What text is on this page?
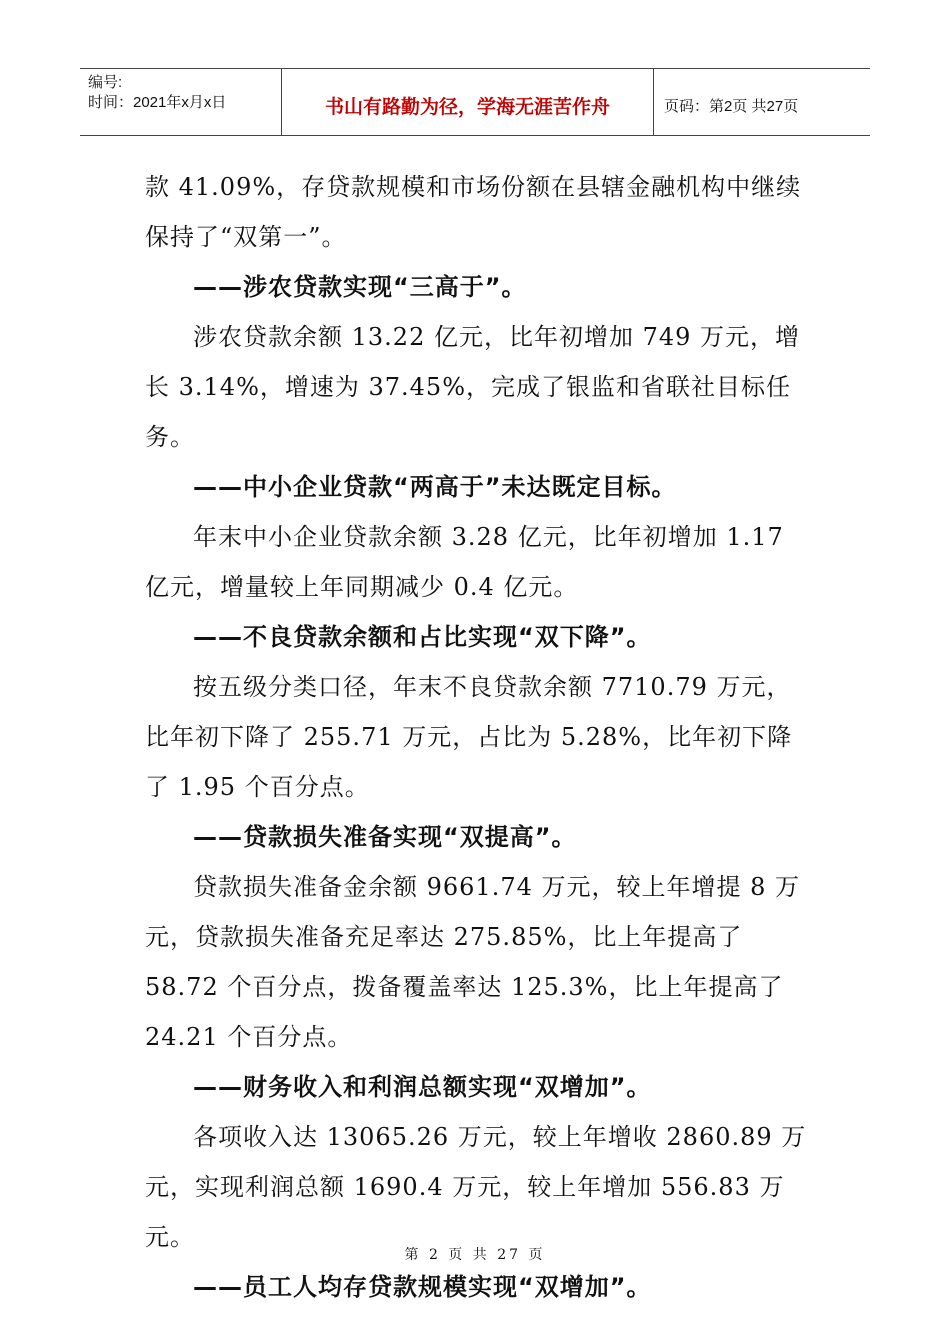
编号:
时间：2021年x月x日	书山有路勤为径，学海无涯苦作舟	页码：第2页 共27页

款 41.09%，存贷款规模和市场份额在县辖金融机构中继续保持了“双第一”。

——涉农贷款实现“三高于”。

涉农贷款余额 13.22 亿元，比年初增加 749 万元，增长 3.14%，增速为 37.45%，完成了银监和省联社目标任务。

——中小企业贷款“两高于”未达既定目标。

年末中小企业贷款余额 3.28 亿元，比年初增加 1.17 亿元，增量较上年同期减少 0.4 亿元。

——不良贷款余额和占比实现“双下降”。

按五级分类口径，年末不良贷款余额 7710.79 万元，比年初下降了 255.71 万元，占比为 5.28%，比年初下降了 1.95 个百分点。

——贷款损失准备实现“双提高”。

贷款损失准备金余额 9661.74 万元，较上年增提 8 万元，贷款损失准备充足率达 275.85%，比上年提高了 58.72 个百分点，拨备覆盖率达 125.3%，比上年提高了 24.21 个百分点。

——财务收入和利润总额实现“双增加”。

各项收入达 13065.26 万元，较上年增收 2860.89 万元，实现利润总额 1690.4 万元，较上年增加 556.83 万元。

——员工人均存贷款规模实现“双增加”。

第 2 页 共 27 页
